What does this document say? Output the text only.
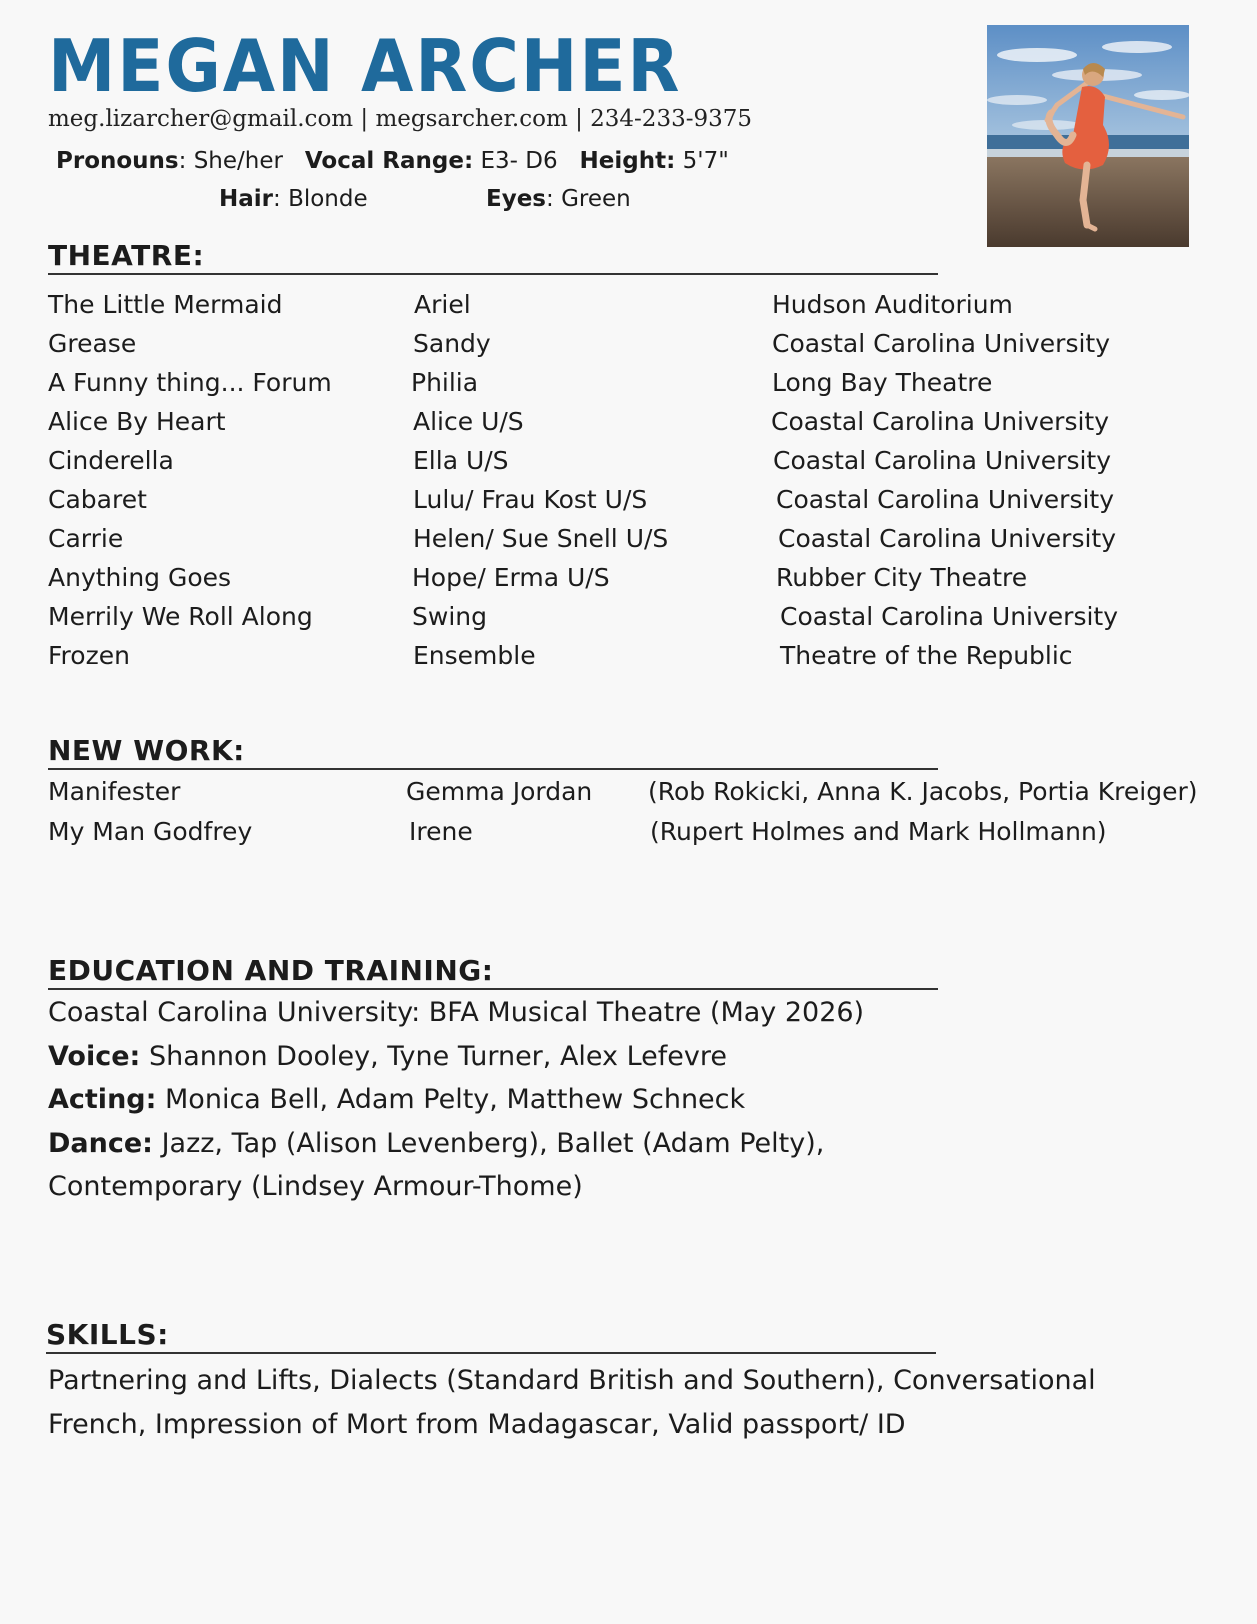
MEGAN ARCHER
meg.lizarcher@gmail.com | megsarcher.com | 234-233-9375
Pronouns: She/her Vocal Range: E3- D6 Height: 5'7"
Hair: Blonde	Eyes: Green
THEATRE:
The Little Mermaid	Ariel	Hudson Auditorium
Grease	Sandy	Coastal Carolina University
A Funny thing... Forum	Philia	Long Bay Theatre
Alice By Heart	Alice U/S	Coastal Carolina University
Cinderella	Ella U/S	Coastal Carolina University
Cabaret	Lulu/ Frau Kost U/S	Coastal Carolina University
Carrie	Helen/ Sue Snell U/S	Coastal Carolina University
Anything Goes	Hope/ Erma U/S	Rubber City Theatre
Merrily We Roll Along	Swing	Coastal Carolina University
Frozen	Ensemble	Theatre of the Republic
NEW WORK:
Manifester	Gemma Jordan (Rob Rokicki, Anna K. Jacobs, Portia Kreiger)
My Man Godfrey	Irene	(Rupert Holmes and Mark Hollmann)
EDUCATION AND TRAINING:
Coastal Carolina University: BFA Musical Theatre (May 2026)
Voice: Shannon Dooley, Tyne Turner, Alex Lefevre
Acting: Monica Bell, Adam Pelty, Matthew Schneck
Dance: Jazz, Tap (Alison Levenberg), Ballet (Adam Pelty),
Contemporary (Lindsey Armour-Thome)
SKILLS:
Partnering and Lifts, Dialects (Standard British and Southern), Conversational
French, Impression of Mort from Madagascar, Valid passport/ ID
